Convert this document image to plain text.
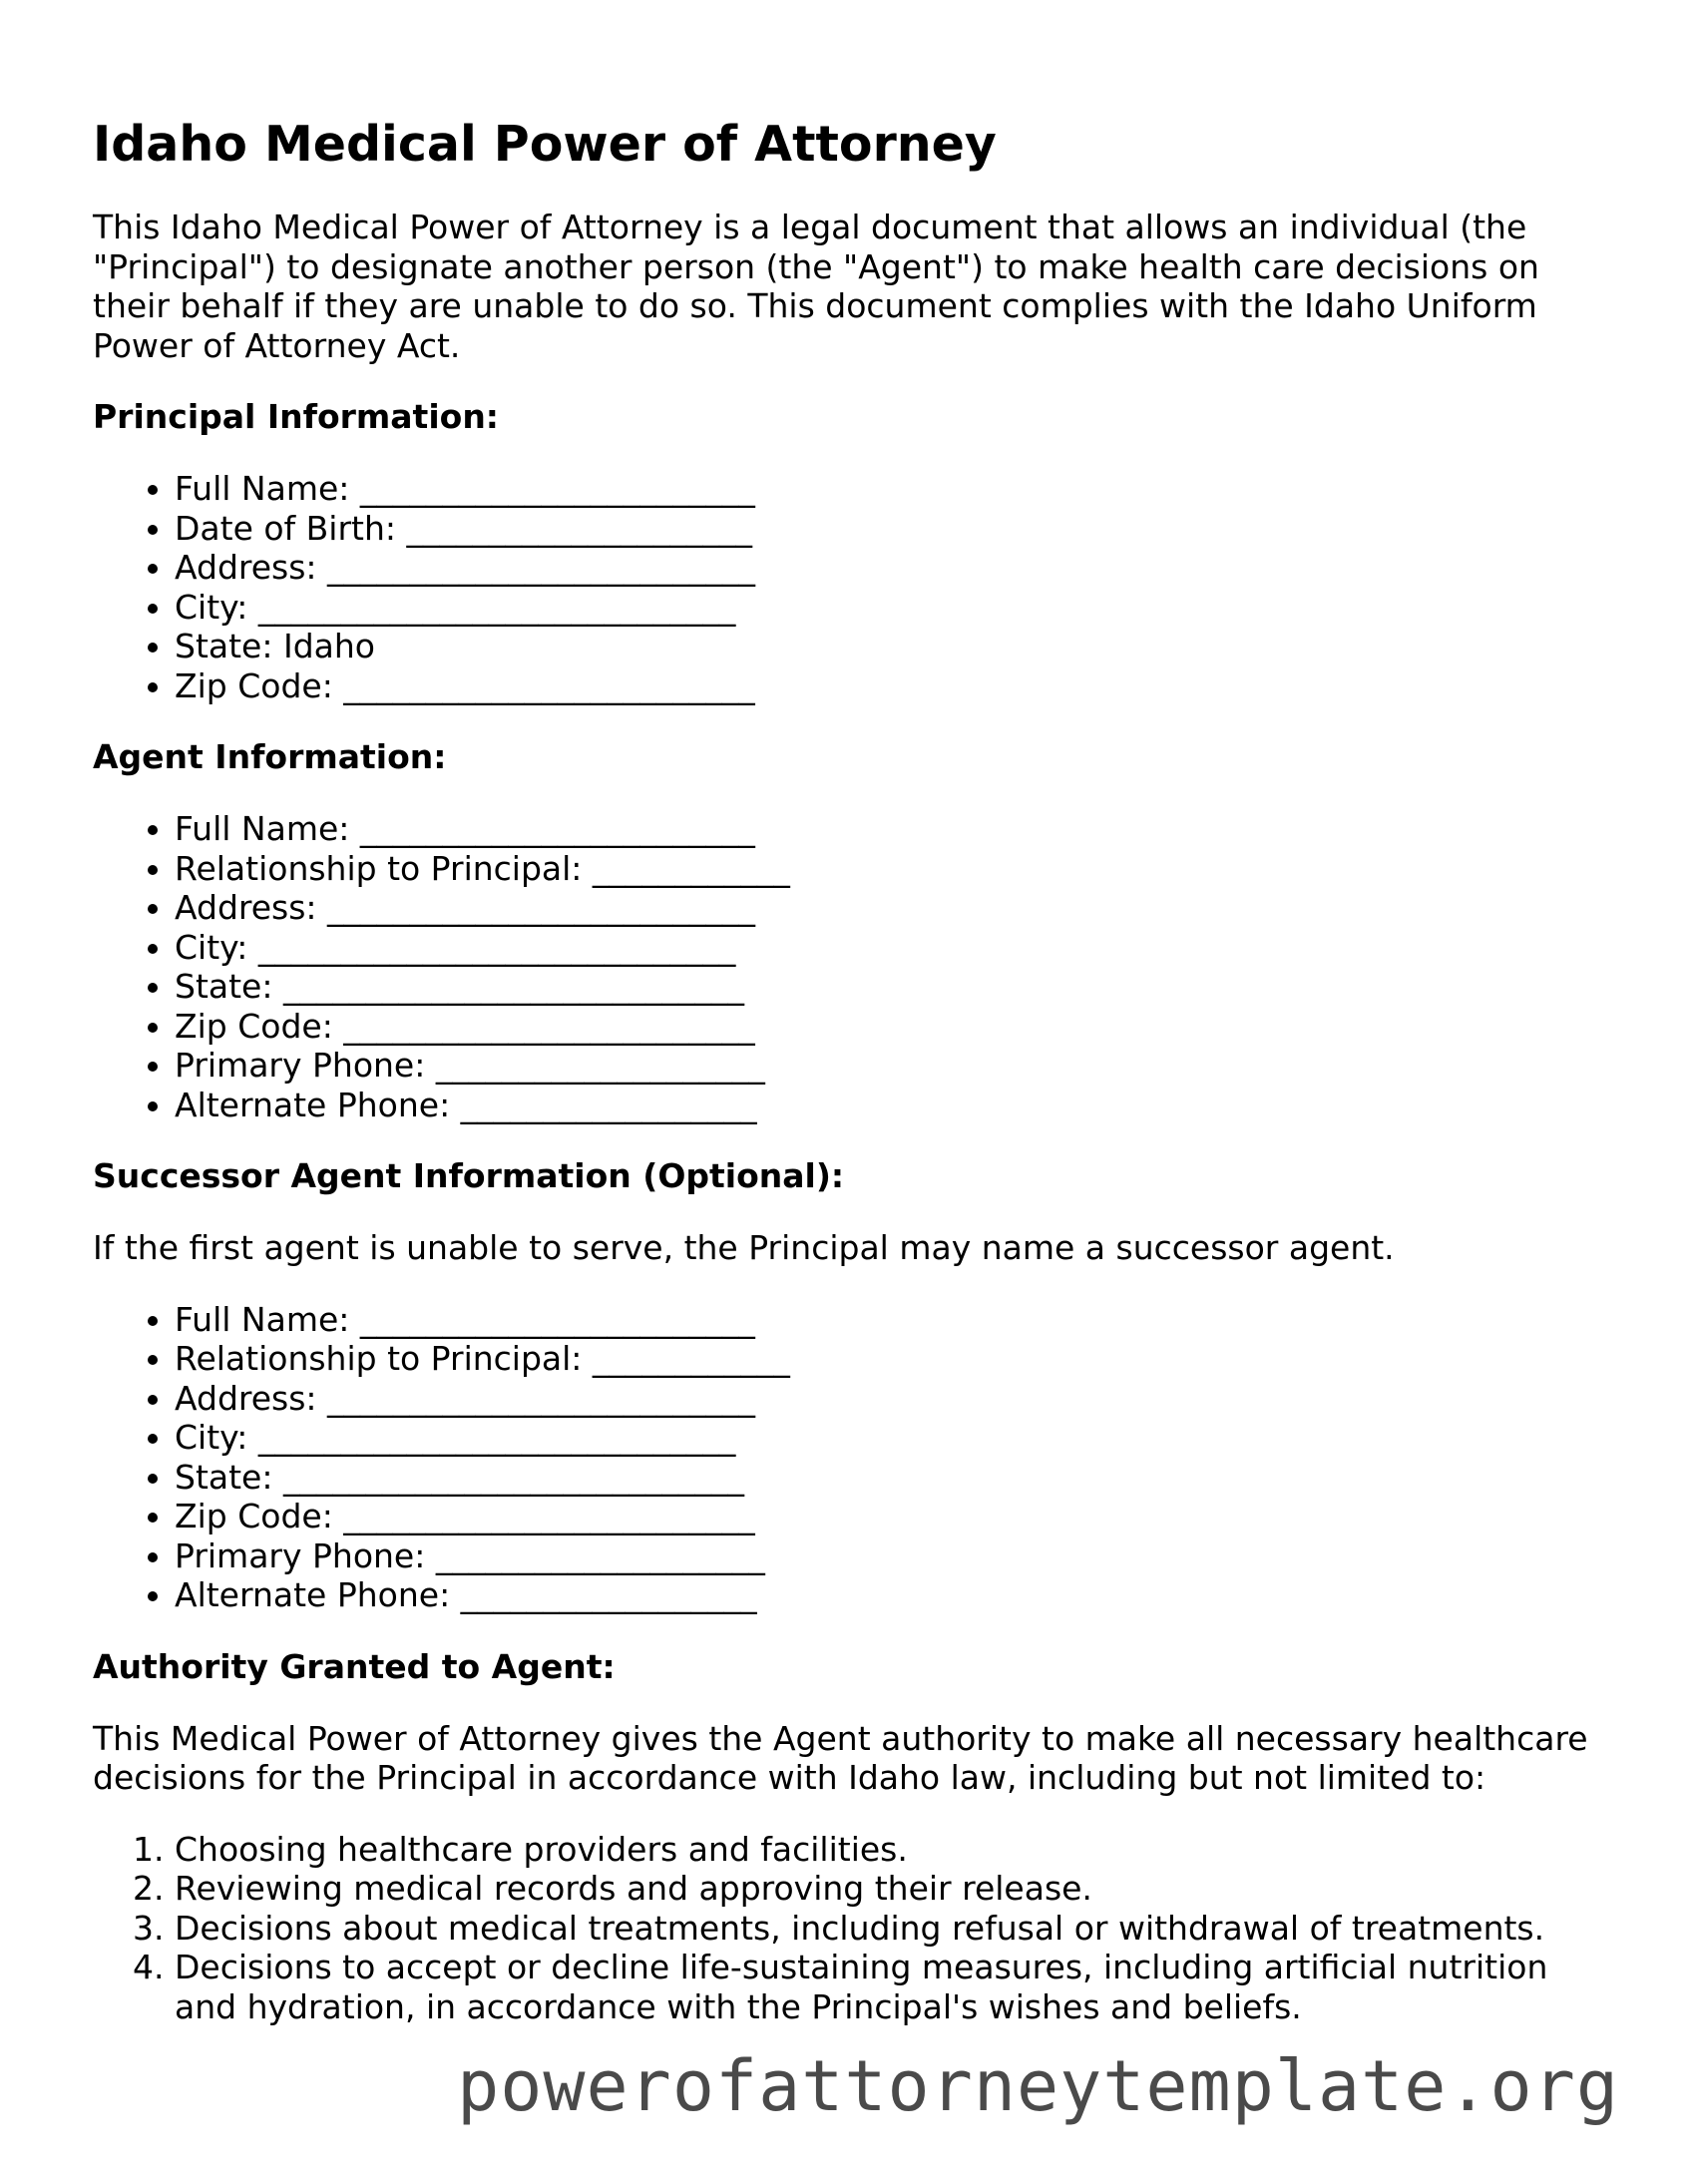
Idaho Medical Power of Attorney

This Idaho Medical Power of Attorney is a legal document that allows an individual (the "Principal") to designate another person (the "Agent") to make health care decisions on their behalf if they are unable to do so. This document complies with the Idaho Uniform Power of Attorney Act.

Principal Information:
• Full Name: ________________________
• Date of Birth: _____________________
• Address: __________________________
• City: _____________________________
• State: Idaho
• Zip Code: _________________________
Agent Information:
• Full Name: ________________________
• Relationship to Principal: ____________
• Address: __________________________
• City: _____________________________
• State: ____________________________
• Zip Code: _________________________
• Primary Phone: ____________________
• Alternate Phone: __________________
Successor Agent Information (Optional):

If the first agent is unable to serve, the Principal may name a successor agent.

• Full Name: ________________________
• Relationship to Principal: ____________
• Address: __________________________
• City: _____________________________
• State: ____________________________
• Zip Code: _________________________
• Primary Phone: ____________________
• Alternate Phone: __________________
Authority Granted to Agent:

This Medical Power of Attorney gives the Agent authority to make all necessary healthcare decisions for the Principal in accordance with Idaho law, including but not limited to:

1. Choosing healthcare providers and facilities.
2. Reviewing medical records and approving their release.
3. Decisions about medical treatments, including refusal or withdrawal of treatments.
4. Decisions to accept or decline life-sustaining measures, including artificial nutrition and hydration, in accordance with the Principal's wishes and beliefs.
powerofattorneytemplate.org
